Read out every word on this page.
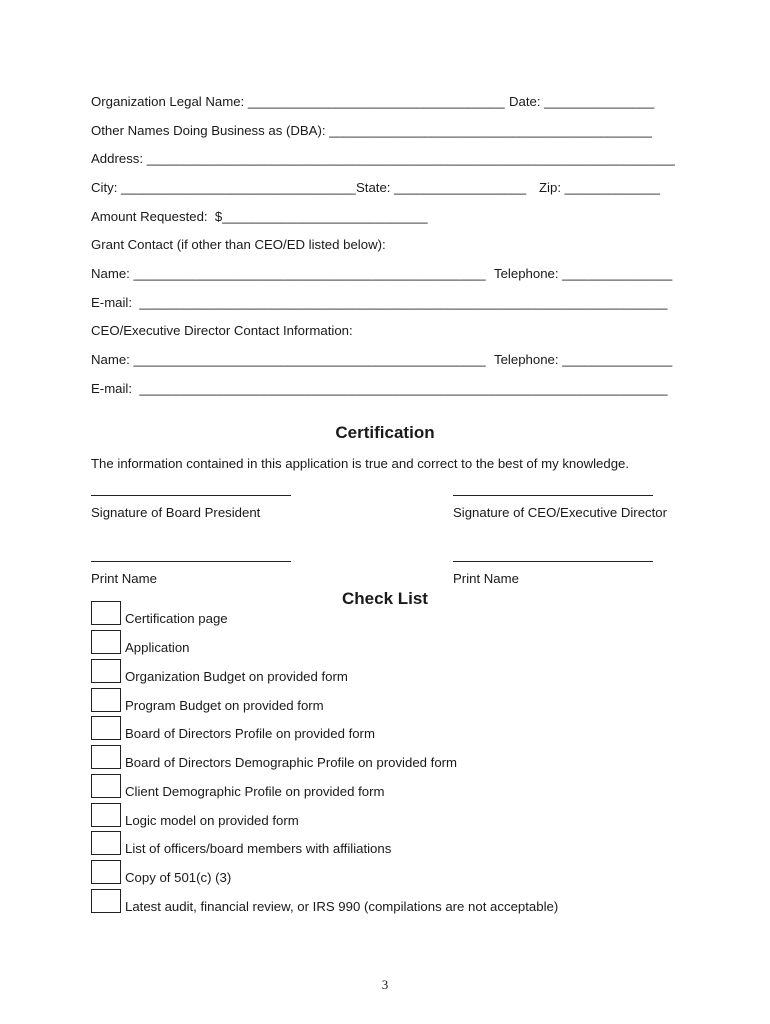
Organization Legal Name: ___________________________________ Date: _______________
Other Names Doing Business as (DBA): ____________________________________________
Address: ________________________________________________________________________
City: ________________________________ State: __________________ Zip: _____________
Amount Requested:  $____________________________
Grant Contact (if other than CEO/ED listed below):
Name: ________________________________________________ Telephone: _______________
E-mail:  ________________________________________________________________________
CEO/Executive Director Contact Information:
Name: ________________________________________________ Telephone: _______________
E-mail:  ________________________________________________________________________
Certification
The information contained in this application is true and correct to the best of my knowledge.
Signature of Board President	Signature of CEO/Executive Director
Print Name	Print Name
Check List
Certification page
Application
Organization Budget on provided form
Program Budget on provided form
Board of Directors Profile on provided form
Board of Directors Demographic Profile on provided form
Client Demographic Profile on provided form
Logic model on provided form
List of officers/board members with affiliations
Copy of 501(c) (3)
Latest audit, financial review, or IRS 990 (compilations are not acceptable)
3
